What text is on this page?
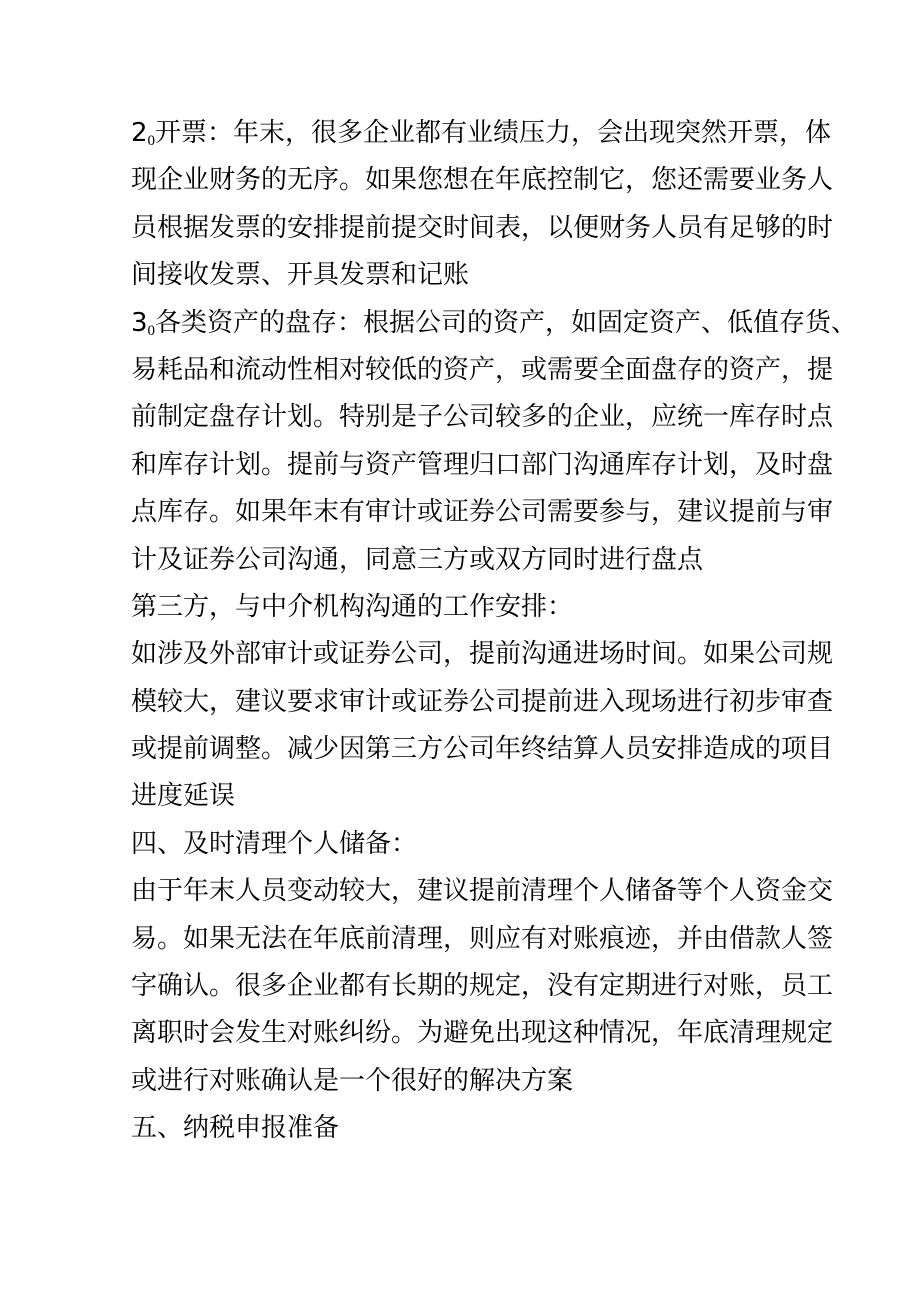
$2_0$开票：年末，很多企业都有业绩压力，会出现突然开票，体
现企业财务的无序。如果您想在年底控制它，您还需要业务人
员根据发票的安排提前提交时间表，以便财务人员有足够的时
间接收发票、开具发票和记账
$3_0$各类资产的盘存：根据公司的资产，如固定资产、低值存货、
易耗品和流动性相对较低的资产，或需要全面盘存的资产，提
前制定盘存计划。特别是子公司较多的企业，应统一库存时点
和库存计划。提前与资产管理归口部门沟通库存计划，及时盘
点库存。如果年末有审计或证券公司需要参与，建议提前与审
计及证券公司沟通，同意三方或双方同时进行盘点
第三方，与中介机构沟通的工作安排：
如涉及外部审计或证券公司，提前沟通进场时间。如果公司规
模较大，建议要求审计或证券公司提前进入现场进行初步审查
或提前调整。减少因第三方公司年终结算人员安排造成的项目
进度延误
四、及时清理个人储备：
由于年末人员变动较大，建议提前清理个人储备等个人资金交
易。如果无法在年底前清理，则应有对账痕迹，并由借款人签
字确认。很多企业都有长期的规定，没有定期进行对账，员工
离职时会发生对账纠纷。为避免出现这种情况，年底清理规定
或进行对账确认是一个很好的解决方案
五、纳税申报准备
